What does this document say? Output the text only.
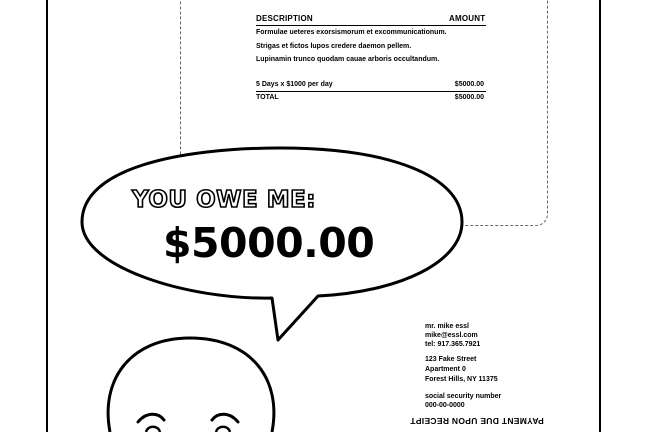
DESCRIPTION	AMOUNT
Formulae ueteres exorsismorum et excommunicationum.
Strigas et fictos lupos credere daemon pellem.
Lupinamin trunco quodam cauae arboris occultandum.
5 Days x $1000 per day	$5000.00
TOTAL	$5000.00
YOU OWE ME:
$5000.00
mr. mike essl
mike@essl.com
tel: 917.365.7921
123 Fake Street
Apartment 0
Forest Hills, NY 11375
social security number
000-00-0000
PAYMENT DUE UPON RECEIPT
